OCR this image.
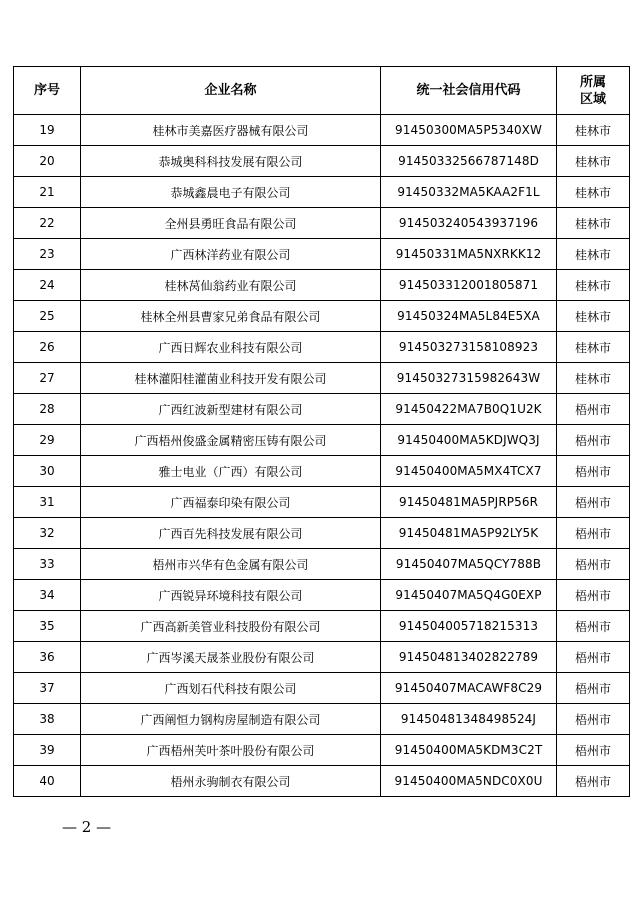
序号	企业名称	统一社会信用代码	所属
区域
19	桂林市美嘉医疗器械有限公司	91450300MA5P5340XW	桂林市
20	恭城奥科科技发展有限公司	91450332566787148D	桂林市
21	恭城鑫晨电子有限公司	91450332MA5KAA2F1L	桂林市
22	全州县勇旺食品有限公司	914503240543937196	桂林市
23	广西林洋药业有限公司	91450331MA5NXRKK12	桂林市
24	桂林莴仙翁药业有限公司	914503312001805871	桂林市
25	桂林全州县曹家兄弟食品有限公司	91450324MA5L84E5XA	桂林市
26	广西日辉农业科技有限公司	914503273158108923	桂林市
27	桂林灌阳桂灌菌业科技开发有限公司	91450327315982643W	桂林市
28	广西红波新型建材有限公司	91450422MA7B0Q1U2K	梧州市
29	广西梧州俊盛金属精密压铸有限公司	91450400MA5KDJWQ3J	梧州市
30	雅士电业（广西）有限公司	91450400MA5MX4TCX7	梧州市
31	广西福泰印染有限公司	91450481MA5PJRP56R	梧州市
32	广西百先科技发展有限公司	91450481MA5P92LY5K	梧州市
33	梧州市兴华有色金属有限公司	91450407MA5QCY788B	梧州市
34	广西锐异环境科技有限公司	91450407MA5Q4G0EXP	梧州市
35	广西高新美管业科技股份有限公司	914504005718215313	梧州市
36	广西岑溪天晟茶业股份有限公司	914504813402822789	梧州市
37	广西划石代科技有限公司	91450407MACAWF8C29	梧州市
38	广西阐恒力钢构房屋制造有限公司	91450481348498524J	梧州市
39	广西梧州芙叶茶叶股份有限公司	91450400MA5KDM3C2T	梧州市
40	梧州永驹制衣有限公司	91450400MA5NDC0X0U	梧州市
— 2 —
